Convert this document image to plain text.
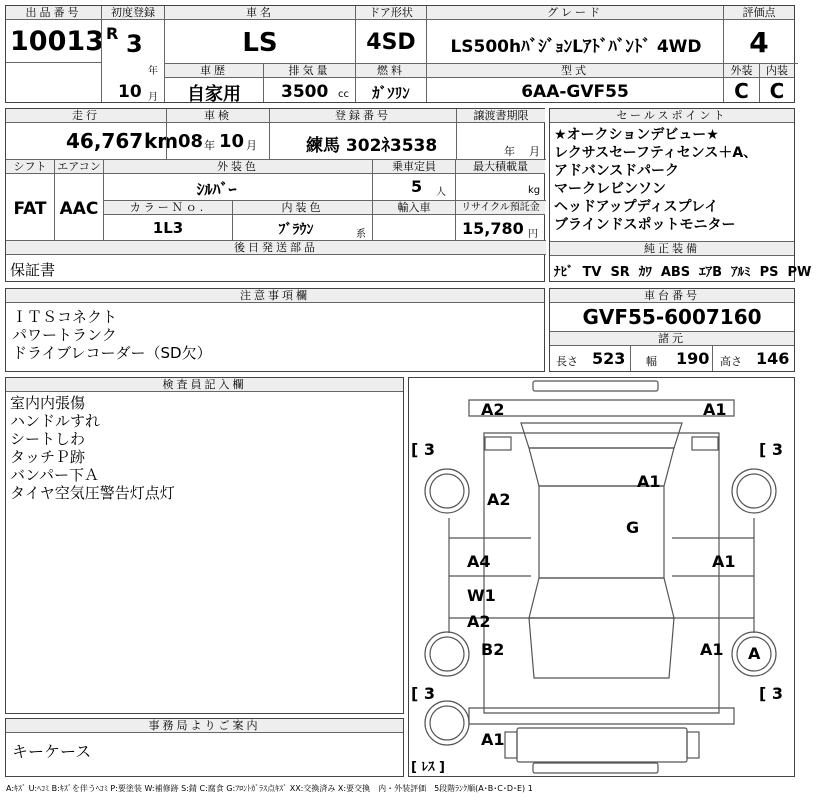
出品番号
10013
初度登録
R 3
年
10 月
車名
LS
ドア形状
4SD
グレード
LS500hﾊﾞｼﾞｮﾝLｱﾄﾞﾊﾞﾝﾄﾞ 4WD
評価点
4
車歴
自家用
排気量
3500 cc
燃料
ｶﾞｿﾘﾝ
型式
6AA-GVF55
外装	内装
C	C
走行
46,767 km
車検
08 年 10 月
登録番号
練馬 302ﾈ3538
譲渡書期限
年 月
シフト エアコン
FAT AAC
外装色
ｼﾙﾊﾞｰ
乗車定員
5 人
最大積載量
kg
カラーＮｏ.
1L3
内装色
ﾌﾞﾗｳﾝ	系
輸入車	リサイクル預託金
15,780 円
後日発送部品
保証書
セールスポイント
★オークションデビュー★
レクサスセーフティセンス＋A、
アドバンスドパーク
マークレビンソン
ヘッドアップディスプレイ
ブラインドスポットモニター
純正装備
ﾅﾋﾞ TV SR ｶﾜ ABS ｴｱB ｱﾙﾐ PS PW
注意事項欄
ＩＴＳコネクト
パワートランク
ドライブレコーダー（SD欠）
車台番号
GVF55-6007160
諸元
長さ 523 幅 190 高さ 146
検査員記入欄
室内内張傷
ハンドルすれ
シートしわ
タッチＰ跡
バンパー下Ａ
タイヤ空気圧警告灯点灯
A2	A1
A1
A2
G
A4	A1
W1
A2
B2	A1 A
A1
[ 3	[ 3
[ 3	[ 3
[ ﾚｽ ]
事務局よりご案内
キーケース
A:ｷｽﾞ U:ﾍｺﾐ B:ｷｽﾞを伴うﾍｺﾐ P:要塗装 W:補修跡 S:錆 C:腐食 G:ﾌﾛﾝﾄｶﾞﾗｽ点ｷｽﾞ XX:交換済み X:要交換　内・外装評価　5段階ﾗﾝｸ順(A･B･C･D･E) 1
